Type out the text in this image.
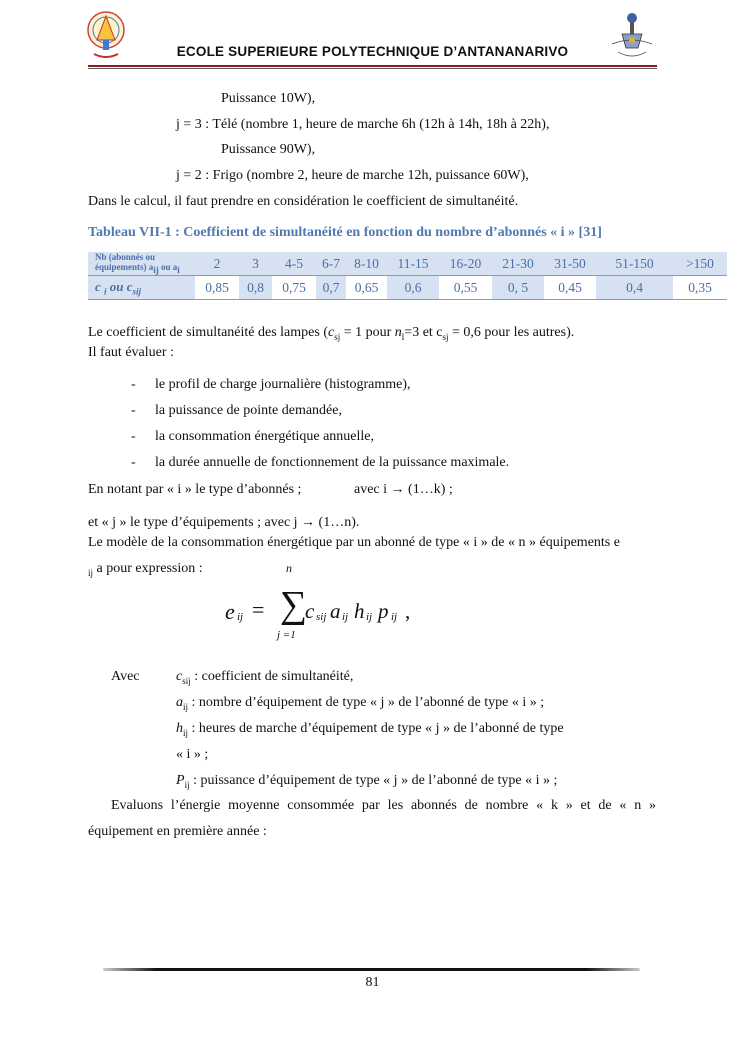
ECOLE SUPERIEURE POLYTECHNIQUE D’ANTANANARIVO
Puissance 10W),
j = 3 : Télé (nombre 1, heure de marche 6h (12h à 14h, 18h à 22h),
Puissance 90W),
j = 2 : Frigo (nombre 2, heure de marche 12h, puissance 60W),
Dans le calcul, il faut prendre en considération le coefficient de simultanéité.
Tableau VII-1 : Coefficient de simultanéité en fonction du nombre d’abonnés « i » [31]
Nb (abonnés ou
équipements) $a_{ij}$ ou $a_i$	2	3	4-5	6-7	8-10	11-15	16-20	21-30	31-50	51-150	>150
c $_i$ ou $c_{sij}$	0,85	0,8	0,75	0,7	0,65	0,6	0,55	0, 5	0,45	0,4	0,35
Le coefficient de simultanéité des lampes ($c_{sj} = 1$ pour $n_l=3$ et $c_{sj} = 0,6$ pour les autres).
Il faut évaluer :
- le profil de charge journalière (histogramme),
- la puissance de pointe demandée,
- la consommation énergétique annuelle,
- la durée annuelle de fonctionnement de la puissance maximale.
En notant par « i » le type d’abonnés ;	avec i → (1…k) ;
et « j » le type d’équipements ; avec j → (1…n).
Le modèle de la consommation énergétique par un abonné de type « i » de « n » équipements e
$_{ij}$ a pour expression :
e ij = ∑
n
j =1
c sij a ij h ij p ij ,
Avec	$c_{sij}$ : coefficient de simultanéité,
$a_{ij}$ : nombre d’équipement de type « j » de l’abonné de type « i » ;
$h_{ij}$ : heures de marche d’équipement de type « j » de l’abonné de type
« i » ;
$P_{ij}$ : puissance d’équipement de type « j » de l’abonné de type « i » ;
Evaluons l’énergie moyenne consommée par les abonnés de nombre « k » et de « n »
équipement en première année :
81
